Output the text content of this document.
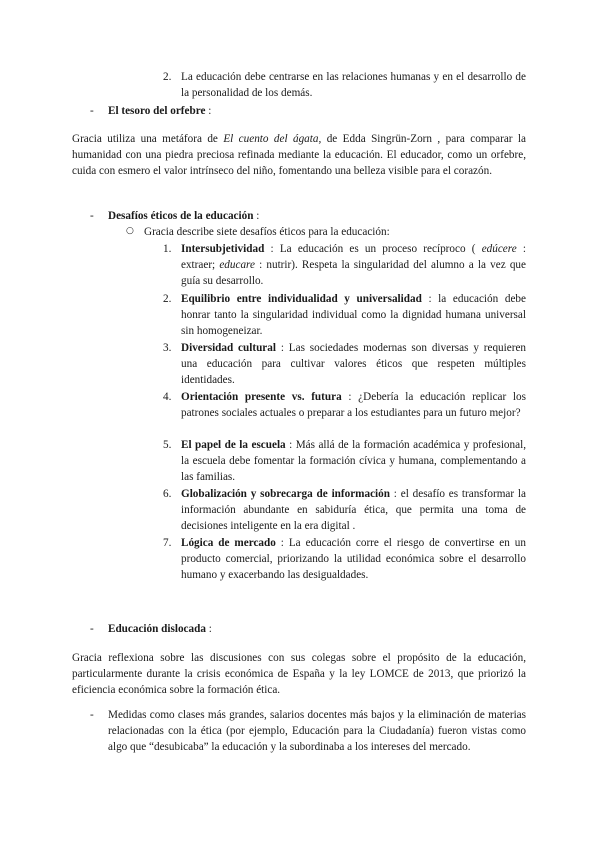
2. La educación debe centrarse en las relaciones humanas y en el desarrollo de la personalidad de los demás.

- El tesoro del orfebre :

Gracia utiliza una metáfora de El cuento del ágata, de Edda Singrün-Zorn , para comparar la humanidad con una piedra preciosa refinada mediante la educación. El educador, como un orfebre, cuida con esmero el valor intrínseco del niño, fomentando una belleza visible para el corazón.

- Desafíos éticos de la educación :

○ Gracia describe siete desafíos éticos para la educación:

1. Intersubjetividad : La educación es un proceso recíproco ( edúcere : extraer; educare : nutrir). Respeta la singularidad del alumno a la vez que guía su desarrollo.

2. Equilibrio entre individualidad y universalidad : la educación debe honrar tanto la singularidad individual como la dignidad humana universal sin homogeneizar.

3. Diversidad cultural : Las sociedades modernas son diversas y requieren una educación para cultivar valores éticos que respeten múltiples identidades.

4. Orientación presente vs. futura : ¿Debería la educación replicar los patrones sociales actuales o preparar a los estudiantes para un futuro mejor?

5. El papel de la escuela : Más allá de la formación académica y profesional, la escuela debe fomentar la formación cívica y humana, complementando a las familias.

6. Globalización y sobrecarga de información : el desafío es transformar la información abundante en sabiduría ética, que permita una toma de decisiones inteligente en la era digital .

7. Lógica de mercado : La educación corre el riesgo de convertirse en un producto comercial, priorizando la utilidad económica sobre el desarrollo humano y exacerbando las desigualdades.

- Educación dislocada :

Gracia reflexiona sobre las discusiones con sus colegas sobre el propósito de la educación, particularmente durante la crisis económica de España y la ley LOMCE de 2013, que priorizó la eficiencia económica sobre la formación ética.

- Medidas como clases más grandes, salarios docentes más bajos y la eliminación de materias relacionadas con la ética (por ejemplo, Educación para la Ciudadanía) fueron vistas como algo que “desubicaba” la educación y la subordinaba a los intereses del mercado.
